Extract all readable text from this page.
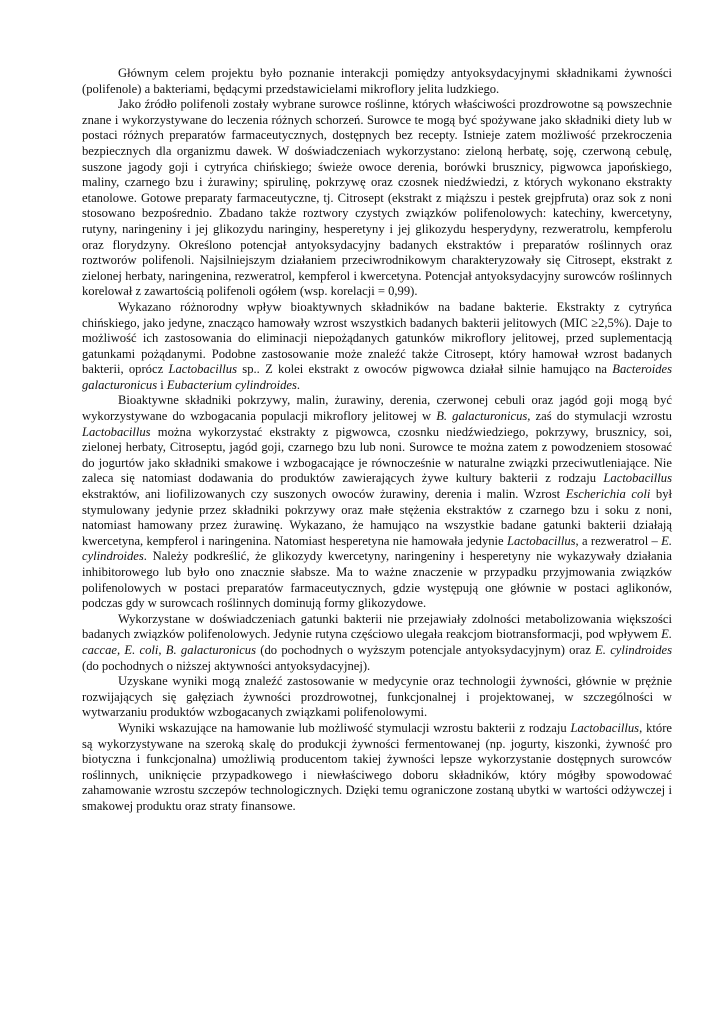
Głównym celem projektu było poznanie interakcji pomiędzy antyoksydacyjnymi składnikami żywności (polifenole) a bakteriami, będącymi przedstawicielami mikroflory jelita ludzkiego.

Jako źródło polifenoli zostały wybrane surowce roślinne, których właściwości prozdrowotne są powszechnie znane i wykorzystywane do leczenia różnych schorzeń. Surowce te mogą być spożywane jako składniki diety lub w postaci różnych preparatów farmaceutycznych, dostępnych bez recepty. Istnieje zatem możliwość przekroczenia bezpiecznych dla organizmu dawek. W doświadczeniach wykorzystano: zieloną herbatę, soję, czerwoną cebulę, suszone jagody goji i cytryńca chińskiego; świeże owoce derenia, borówki brusznicy, pigwowca japońskiego, maliny, czarnego bzu i żurawiny; spirulinę, pokrzywę oraz czosnek niedźwiedzi, z których wykonano ekstrakty etanolowe. Gotowe preparaty farmaceutyczne, tj. Citrosept (ekstrakt z miąższu i pestek grejpfruta) oraz sok z noni stosowano bezpośrednio. Zbadano także roztwory czystych związków polifenolowych: katechiny, kwercetyny, rutyny, naringeniny i jej glikozydu naringiny, hesperetyny i jej glikozydu hesperydyny, rezweratrolu, kempferolu oraz florydzyny. Określono potencjał antyoksydacyjny badanych ekstraktów i preparatów roślinnych oraz roztworów polifenoli. Najsilniejszym działaniem przeciwrodnikowym charakteryzowały się Citrosept, ekstrakt z zielonej herbaty, naringenina, rezweratrol, kempferol i kwercetyna. Potencjał antyoksydacyjny surowców roślinnych korelował z zawartością polifenoli ogółem (wsp. korelacji = 0,99).

Wykazano różnorodny wpływ bioaktywnych składników na badane bakterie. Ekstrakty z cytryńca chińskiego, jako jedyne, znacząco hamowały wzrost wszystkich badanych bakterii jelitowych (MIC ≥2,5%). Daje to możliwość ich zastosowania do eliminacji niepożądanych gatunków mikroflory jelitowej, przed suplementacją gatunkami pożądanymi. Podobne zastosowanie może znaleźć także Citrosept, który hamował wzrost badanych bakterii, oprócz Lactobacillus sp.. Z kolei ekstrakt z owoców pigwowca działał silnie hamująco na Bacteroides galacturonicus i Eubacterium cylindroides.

Bioaktywne składniki pokrzywy, malin, żurawiny, derenia, czerwonej cebuli oraz jagód goji mogą być wykorzystywane do wzbogacania populacji mikroflory jelitowej w B. galacturonicus, zaś do stymulacji wzrostu Lactobacillus można wykorzystać ekstrakty z pigwowca, czosnku niedźwiedziego, pokrzywy, brusznicy, soi, zielonej herbaty, Citroseptu, jagód goji, czarnego bzu lub noni. Surowce te można zatem z powodzeniem stosować do jogurtów jako składniki smakowe i wzbogacające je równocześnie w naturalne związki przeciwutleniające. Nie zaleca się natomiast dodawania do produktów zawierających żywe kultury bakterii z rodzaju Lactobacillus ekstraktów, ani liofilizowanych czy suszonych owoców żurawiny, derenia i malin. Wzrost Escherichia coli był stymulowany jedynie przez składniki pokrzywy oraz małe stężenia ekstraktów z czarnego bzu i soku z noni, natomiast hamowany przez żurawinę. Wykazano, że hamująco na wszystkie badane gatunki bakterii działają kwercetyna, kempferol i naringenina. Natomiast hesperetyna nie hamowała jedynie Lactobacillus, a rezweratrol – E. cylindroides. Należy podkreślić, że glikozydy kwercetyny, naringeniny i hesperetyny nie wykazywały działania inhibitorowego lub było ono znacznie słabsze. Ma to ważne znaczenie w przypadku przyjmowania związków polifenolowych w postaci preparatów farmaceutycznych, gdzie występują one głównie w postaci aglikonów, podczas gdy w surowcach roślinnych dominują formy glikozydowe.

Wykorzystane w doświadczeniach gatunki bakterii nie przejawiały zdolności metabolizowania większości badanych związków polifenolowych. Jedynie rutyna częściowo ulegała reakcjom biotransformacji, pod wpływem E. caccae, E. coli, B. galacturonicus (do pochodnych o wyższym potencjale antyoksydacyjnym) oraz E. cylindroides (do pochodnych o niższej aktywności antyoksydacyjnej).

Uzyskane wyniki mogą znaleźć zastosowanie w medycynie oraz technologii żywności, głównie w prężnie rozwijających się gałęziach żywności prozdrowotnej, funkcjonalnej i projektowanej, w szczególności w wytwarzaniu produktów wzbogacanych związkami polifenolowymi.

Wyniki wskazujące na hamowanie lub możliwość stymulacji wzrostu bakterii z rodzaju Lactobacillus, które są wykorzystywane na szeroką skalę do produkcji żywności fermentowanej (np. jogurty, kiszonki, żywność pro biotyczna i funkcjonalna) umożliwią producentom takiej żywności lepsze wykorzystanie dostępnych surowców roślinnych, uniknięcie przypadkowego i niewłaściwego doboru składników, który mógłby spowodować zahamowanie wzrostu szczepów technologicznych. Dzięki temu ograniczone zostaną ubytki w wartości odżywczej i smakowej produktu oraz straty finansowe.
